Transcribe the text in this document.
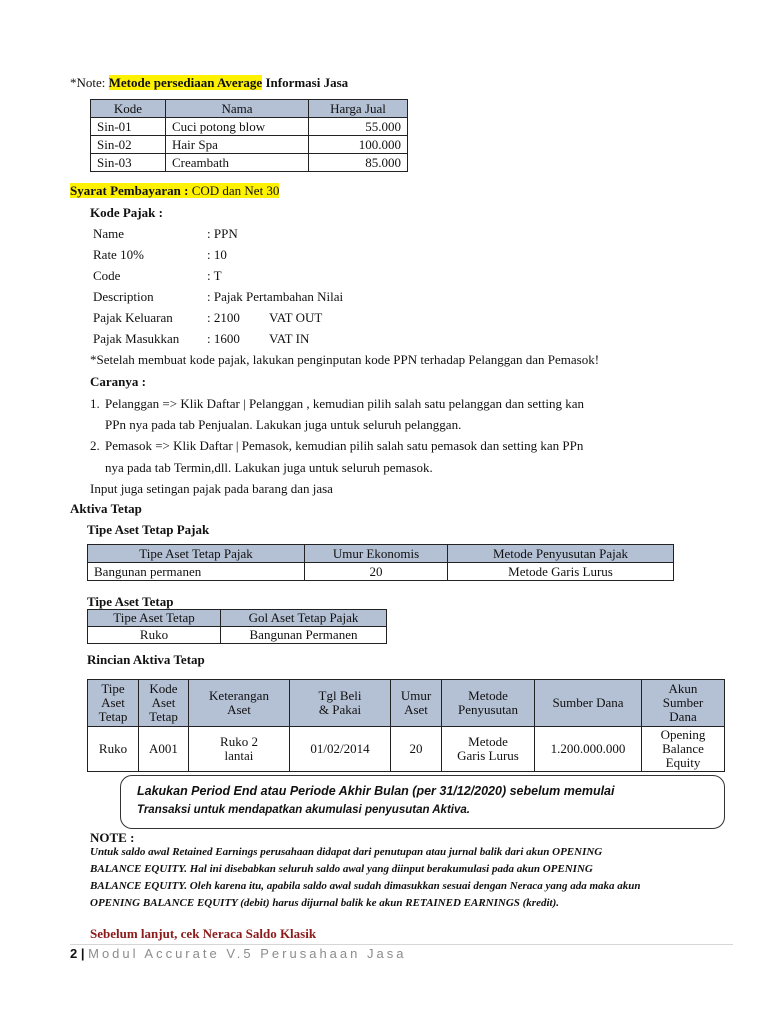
*Note: Metode persediaan Average Informasi Jasa
Kode	Nama	Harga Jual
Sin-01	Cuci potong blow	55.000
Sin-02	Hair Spa	100.000
Sin-03	Creambath	85.000
Syarat Pembayaran : COD dan Net 30
Kode Pajak :
Name	: PPN
Rate 10%	: 10
Code	: T
Description	: Pajak Pertambahan Nilai
Pajak Keluaran	: 2100 VAT OUT
Pajak Masukkan : 1600 VAT IN
*Setelah membuat kode pajak, lakukan penginputan kode PPN terhadap Pelanggan dan Pemasok!
Caranya :
1. Pelanggan => Klik Daftar | Pelanggan , kemudian pilih salah satu pelanggan dan setting kan
PPn nya pada tab Penjualan. Lakukan juga untuk seluruh pelanggan.
2. Pemasok => Klik Daftar | Pemasok, kemudian pilih salah satu pemasok dan setting kan PPn
nya pada tab Termin,dll. Lakukan juga untuk seluruh pemasok.
Input juga setingan pajak pada barang dan jasa
Aktiva Tetap
Tipe Aset Tetap Pajak
Tipe Aset Tetap Pajak	Umur Ekonomis	Metode Penyusutan Pajak
Bangunan permanen	20	Metode Garis Lurus
Tipe Aset Tetap
Tipe Aset Tetap	Gol Aset Tetap Pajak
Ruko	Bangunan Permanen
Rincian Aktiva Tetap
Tipe
Aset
Tetap	Kode
Aset
Tetap	Keterangan
Aset	Tgl Beli
& Pakai	Umur
Aset	Metode
Penyusutan	Sumber Dana	Akun
Sumber
Dana
Ruko	A001	Ruko 2
lantai	01/02/2014	20	Metode
Garis Lurus	1.200.000.000	Opening
Balance
Equity
Lakukan Period End atau Periode Akhir Bulan (per 31/12/2020) sebelum memulai
Transaksi untuk mendapatkan akumulasi penyusutan Aktiva.
NOTE :
Untuk saldo awal Retained Earnings perusahaan didapat dari penutupan atau jurnal balik dari akun OPENING
BALANCE EQUITY. Hal ini disebabkan seluruh saldo awal yang diinput berakumulasi pada akun OPENING
BALANCE EQUITY. Oleh karena itu, apabila saldo awal sudah dimasukkan sesuai dengan Neraca yang ada maka akun
OPENING BALANCE EQUITY (debit) harus dijurnal balik ke akun RETAINED EARNINGS (kredit).
Sebelum lanjut, cek Neraca Saldo Klasik
2 | Modul Accurate V.5 Perusahaan Jasa
